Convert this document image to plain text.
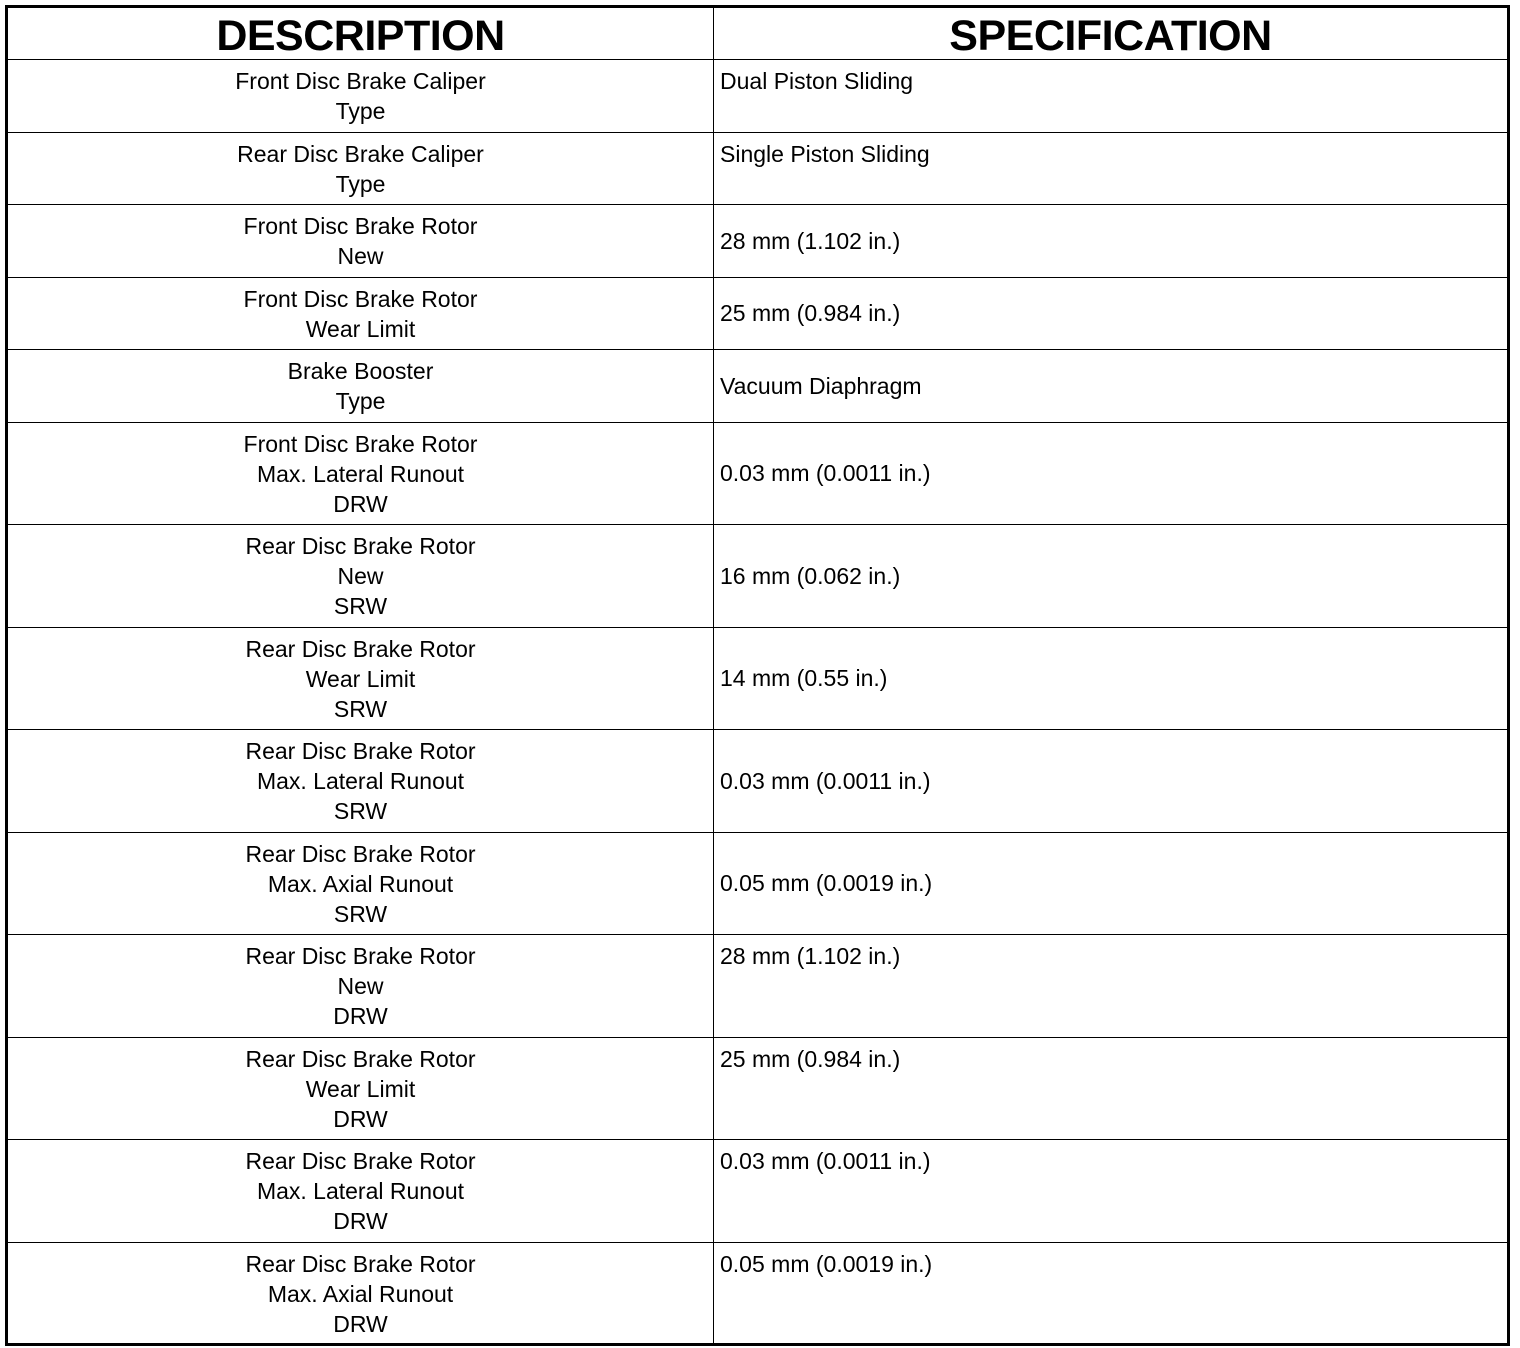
DESCRIPTION	SPECIFICATION

Front Disc Brake Caliper
Type	Dual Piston Sliding

Rear Disc Brake Caliper
Type	Single Piston Sliding

Front Disc Brake Rotor
New	28 mm (1.102 in.)

Front Disc Brake Rotor
Wear Limit	25 mm (0.984 in.)

Brake Booster
Type	Vacuum Diaphragm

Front Disc Brake Rotor
Max. Lateral Runout
DRW	0.03 mm (0.0011 in.)

Rear Disc Brake Rotor
New
SRW	16 mm (0.062 in.)

Rear Disc Brake Rotor
Wear Limit
SRW	14 mm (0.55 in.)

Rear Disc Brake Rotor
Max. Lateral Runout
SRW	0.03 mm (0.0011 in.)

Rear Disc Brake Rotor
Max. Axial Runout
SRW	0.05 mm (0.0019 in.)

Rear Disc Brake Rotor
New
DRW	28 mm (1.102 in.)

Rear Disc Brake Rotor
Wear Limit
DRW	25 mm (0.984 in.)

Rear Disc Brake Rotor
Max. Lateral Runout
DRW	0.03 mm (0.0011 in.)

Rear Disc Brake Rotor
Max. Axial Runout
DRW	0.05 mm (0.0019 in.)
